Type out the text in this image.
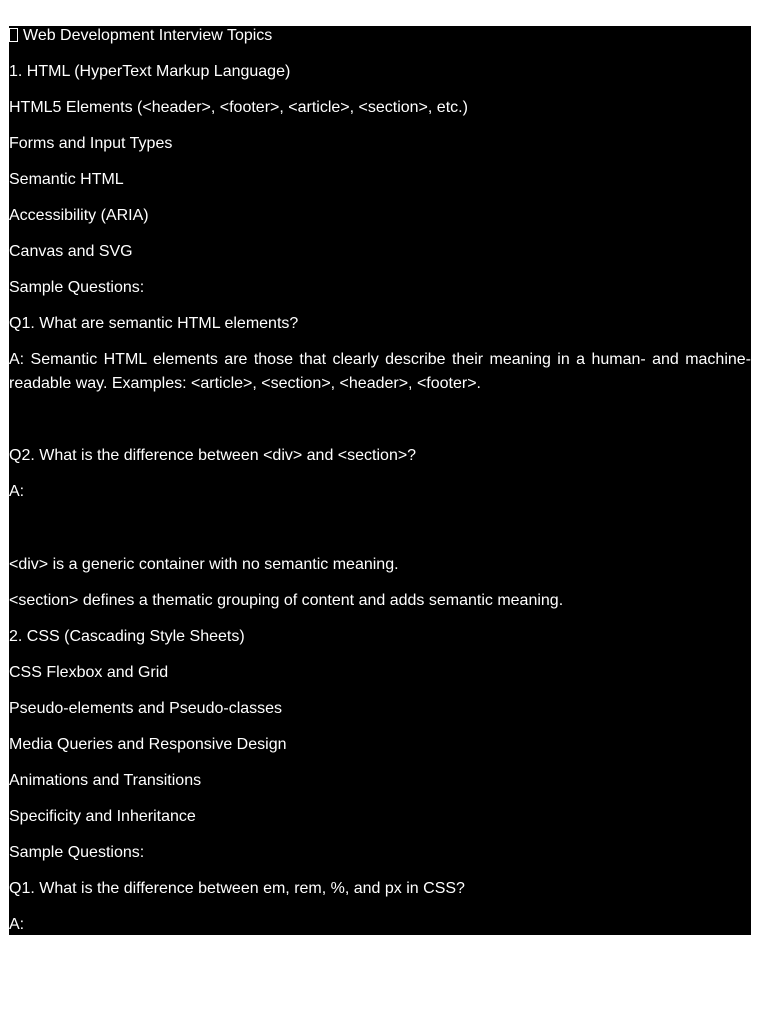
Web Development Interview Topics
1. HTML (HyperText Markup Language)
HTML5 Elements (<header>, <footer>, <article>, <section>, etc.)
Forms and Input Types
Semantic HTML
Accessibility (ARIA)
Canvas and SVG
Sample Questions:
Q1. What are semantic HTML elements?
A: Semantic HTML elements are those that clearly describe their meaning in a human- and machine-readable way. Examples: <article>, <section>, <header>, <footer>.
Q2. What is the difference between <div> and <section>?
A:
<div> is a generic container with no semantic meaning.
<section> defines a thematic grouping of content and adds semantic meaning.
2. CSS (Cascading Style Sheets)
CSS Flexbox and Grid
Pseudo-elements and Pseudo-classes
Media Queries and Responsive Design
Animations and Transitions
Specificity and Inheritance
Sample Questions:
Q1. What is the difference between em, rem, %, and px in CSS?
A:
